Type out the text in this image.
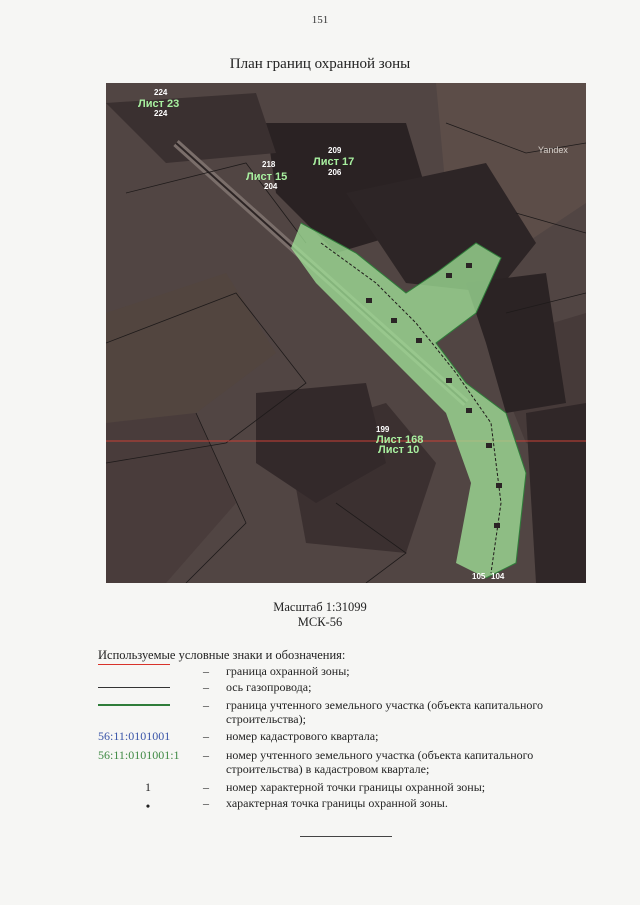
151
План границ охранной зоны
224
Лист 23
224
218
Лист 15
204
209
Лист 17
206
199
Лист 168
Лист 10
105 104
Yandex
Масштаб 1:31099
МСК-56
Используемые условные знаки и обозначения:
– граница охранной зоны;
– ось газопровода;
– граница учтенного земельного участка (объекта капитального строительства);
56:11:0101001	– номер кадастрового квартала;
56:11:0101001:1	– номер учтенного земельного участка (объекта капитального строительства) в кадастровом квартале;
1	– номер характерной точки границы охранной зоны;
•	– характерная точка границы охранной зоны.
